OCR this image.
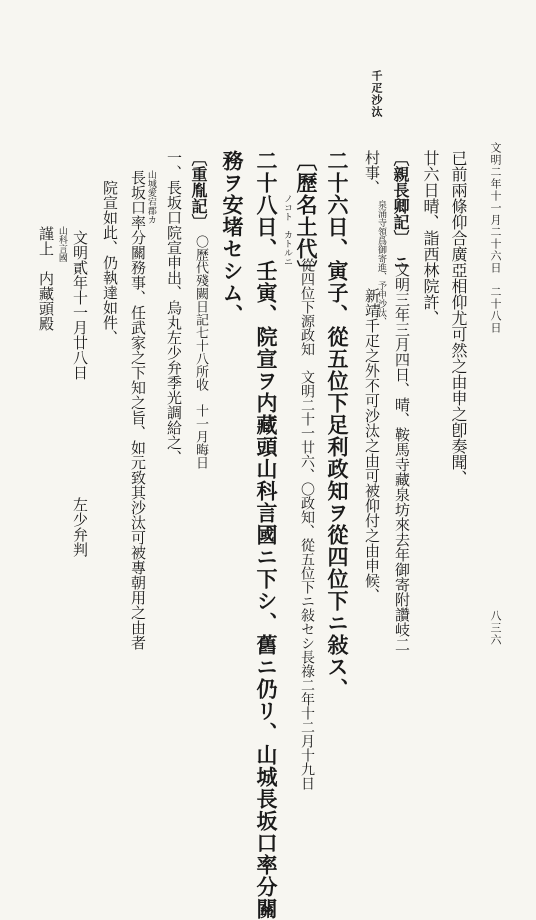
文明二年十一月二十六日　二十八日
千疋沙汰
八三六
已前兩條仰合廣亞相仰尤可然之由申之卽奏聞、
廿六日晴、詣西林院許、
〔親長卿記〕　ニ
文明三年三月四日、晴、鞍馬寺藏泉坊來去年御寄附讚岐二
村事、
泉涌寺領爲御寄進、予申沙汰、
新靖千疋之外不可沙汰之由可被仰付之由申候、
二十六日、寅子、從五位下足利政知ヲ從四位下ニ敍ス、
〔歷名土代〕
從四位下源政知　文明二十一廿六、〇政知、從五位下ニ敍セシ長祿二年十二月十九日
ノコト　カトルニ
二十八日、壬寅、院宣ヲ内藏頭山科言國ニ下シ、舊ニ仍リ、山城長坂口率分關
務ヲ安堵セシム、
〔重胤記〕
〇歷代殘闕日記七十八所收　十一月晦日
一、長坂口院宣申出、烏丸左少弁季光調給之、
山城愛宕郡カ
長坂口率分關務事、任武家之下知之旨、如元致其沙汰可被專朝用之由者
院宣如此、仍執達如件、
文明貳年十一月廿八日
左少弁判
山科言國
謹上　内藏頭殿
